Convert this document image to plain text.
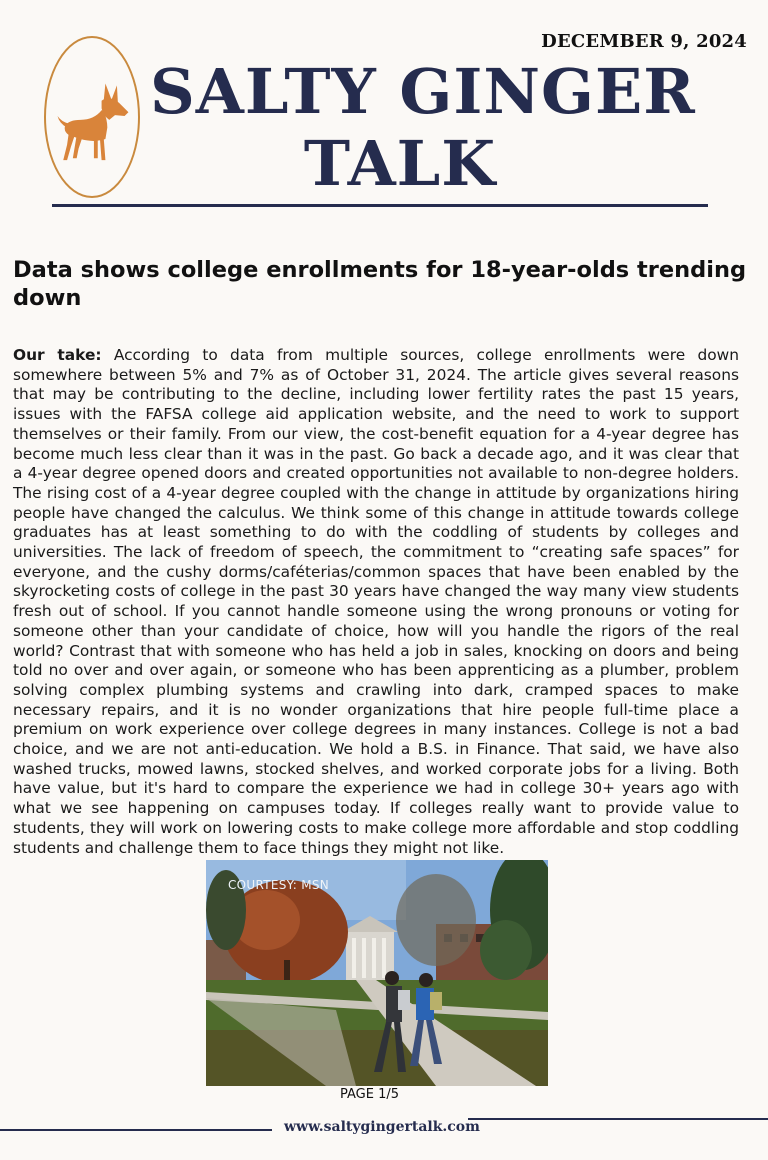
DECEMBER 9, 2024
SALTY GINGER
TALK
Data shows college enrollments for 18-year-olds trending down

Our take: According to data from multiple sources, college enrollments were down somewhere between 5% and 7% as of October 31, 2024. The article gives several reasons that may be contributing to the decline, including lower fertility rates the past 15 years, issues with the FAFSA college aid application website, and the need to work to support themselves or their family. From our view, the cost-benefit equation for a 4-year degree has become much less clear than it was in the past. Go back a decade ago, and it was clear that a 4-year degree opened doors and created opportunities not available to non-degree holders. The rising cost of a 4-year degree coupled with the change in attitude by organizations hiring people have changed the calculus. We think some of this change in attitude towards college graduates has at least something to do with the coddling of students by colleges and universities. The lack of freedom of speech, the commitment to “creating safe spaces” for everyone, and the cushy dorms/caféterias/common spaces that have been enabled by the skyrocketing costs of college in the past 30 years have changed the way many view students fresh out of school. If you cannot handle someone using the wrong pronouns or voting for someone other than your candidate of choice, how will you handle the rigors of the real world? Contrast that with someone who has held a job in sales, knocking on doors and being told no over and over again, or someone who has been apprenticing as a plumber, problem solving complex plumbing systems and crawling into dark, cramped spaces to make necessary repairs, and it is no wonder organizations that hire people full-time place a premium on work experience over college degrees in many instances. College is not a bad choice, and we are not anti-education. We hold a B.S. in Finance. That said, we have also washed trucks, mowed lawns, stocked shelves, and worked corporate jobs for a living. Both have value, but it's hard to compare the experience we had in college 30+ years ago with what we see happening on campuses today. If colleges really want to provide value to students, they will work on lowering costs to make college more affordable and stop coddling students and challenge them to face things they might not like.

COURTESY: MSN
PAGE 1/5
www.saltygingertalk.com
